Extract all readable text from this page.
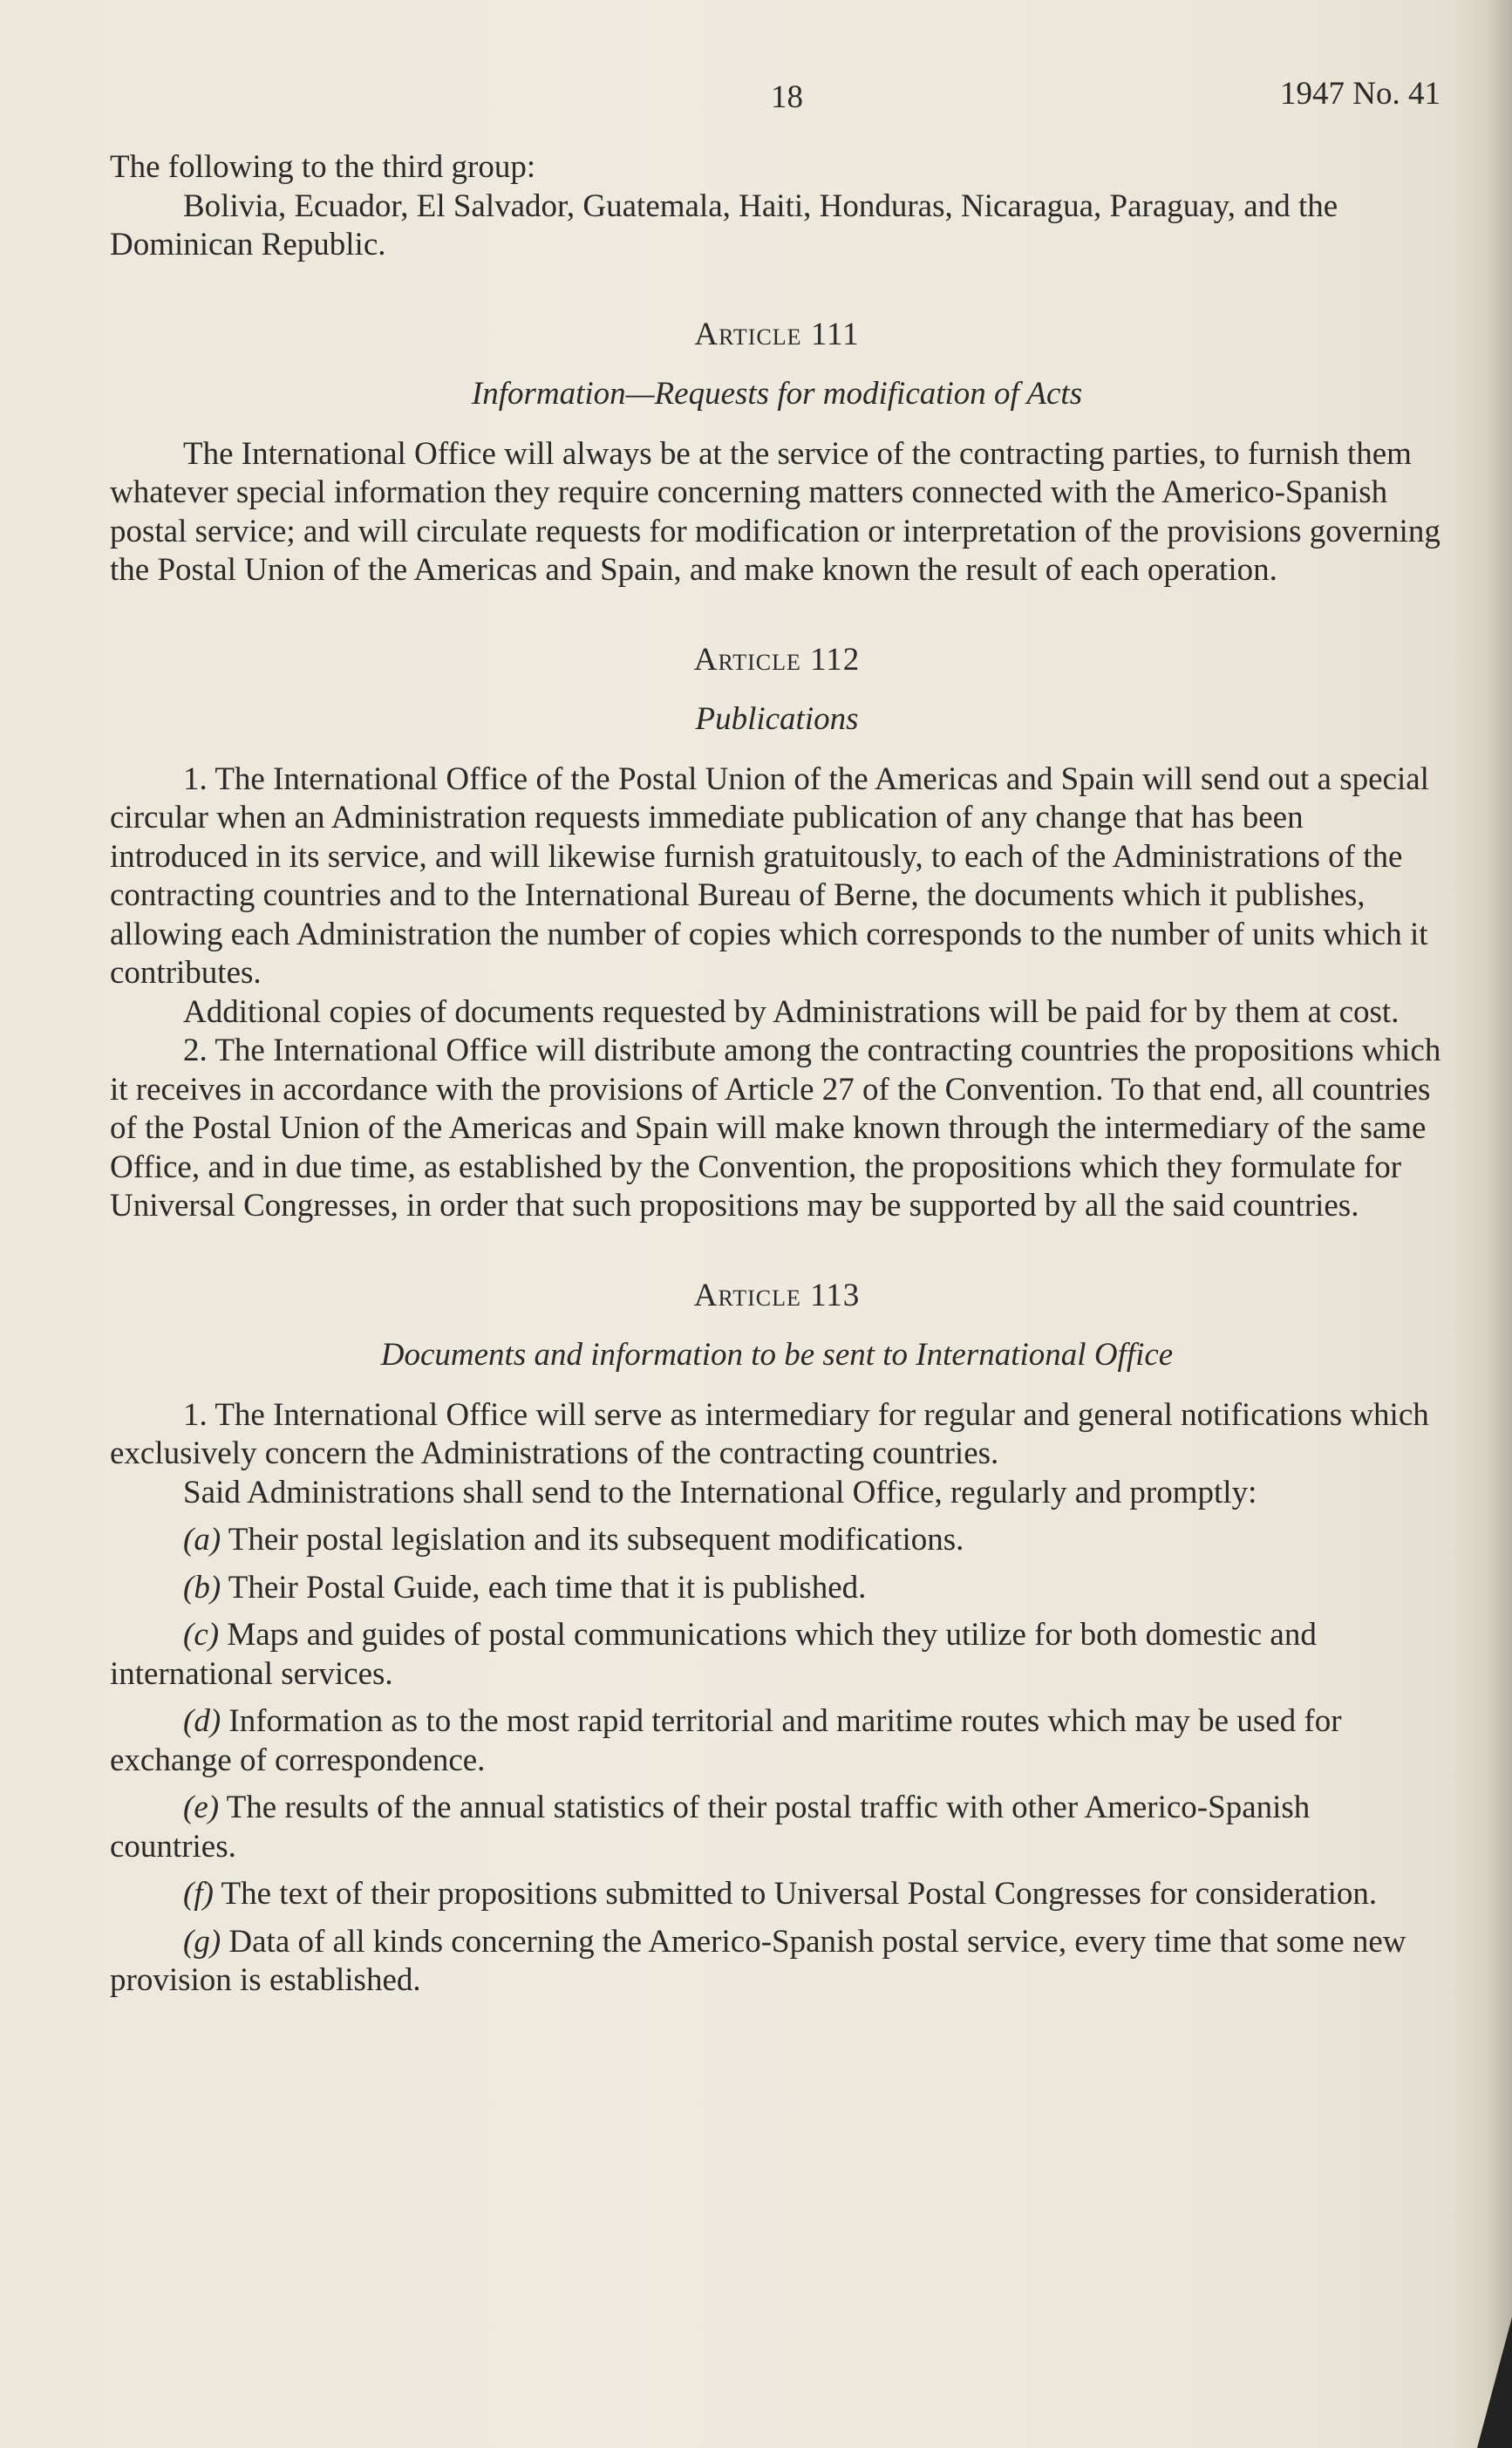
18	1947 No. 41

The following to the third group:

Bolivia, Ecuador, El Salvador, Guatemala, Haiti, Honduras, Nicaragua, Paraguay, and the Dominican Republic.

Article 111

Information—Requests for modification of Acts

The International Office will always be at the service of the contracting parties, to furnish them whatever special information they require concerning matters connected with the Americo-Spanish postal service; and will circulate requests for modification or interpretation of the provisions governing the Postal Union of the Americas and Spain, and make known the result of each operation.

Article 112

Publications

1. The International Office of the Postal Union of the Americas and Spain will send out a special circular when an Administration requests immediate publication of any change that has been introduced in its service, and will likewise furnish gratuitously, to each of the Administrations of the contracting countries and to the International Bureau of Berne, the documents which it publishes, allowing each Administration the number of copies which corresponds to the number of units which it contributes.

Additional copies of documents requested by Administrations will be paid for by them at cost.

2. The International Office will distribute among the contracting countries the propositions which it receives in accordance with the provisions of Article 27 of the Convention. To that end, all countries of the Postal Union of the Americas and Spain will make known through the intermediary of the same Office, and in due time, as established by the Convention, the propositions which they formulate for Universal Congresses, in order that such propositions may be supported by all the said countries.

Article 113

Documents and information to be sent to International Office

1. The International Office will serve as intermediary for regular and general notifications which exclusively concern the Administrations of the contracting countries.

Said Administrations shall send to the International Office, regularly and promptly:

(a) Their postal legislation and its subsequent modifications.

(b) Their Postal Guide, each time that it is published.

(c) Maps and guides of postal communications which they utilize for both domestic and international services.

(d) Information as to the most rapid territorial and maritime routes which may be used for exchange of correspondence.

(e) The results of the annual statistics of their postal traffic with other Americo-Spanish countries.

(f) The text of their propositions submitted to Universal Postal Congresses for consideration.

(g) Data of all kinds concerning the Americo-Spanish postal service, every time that some new provision is established.
